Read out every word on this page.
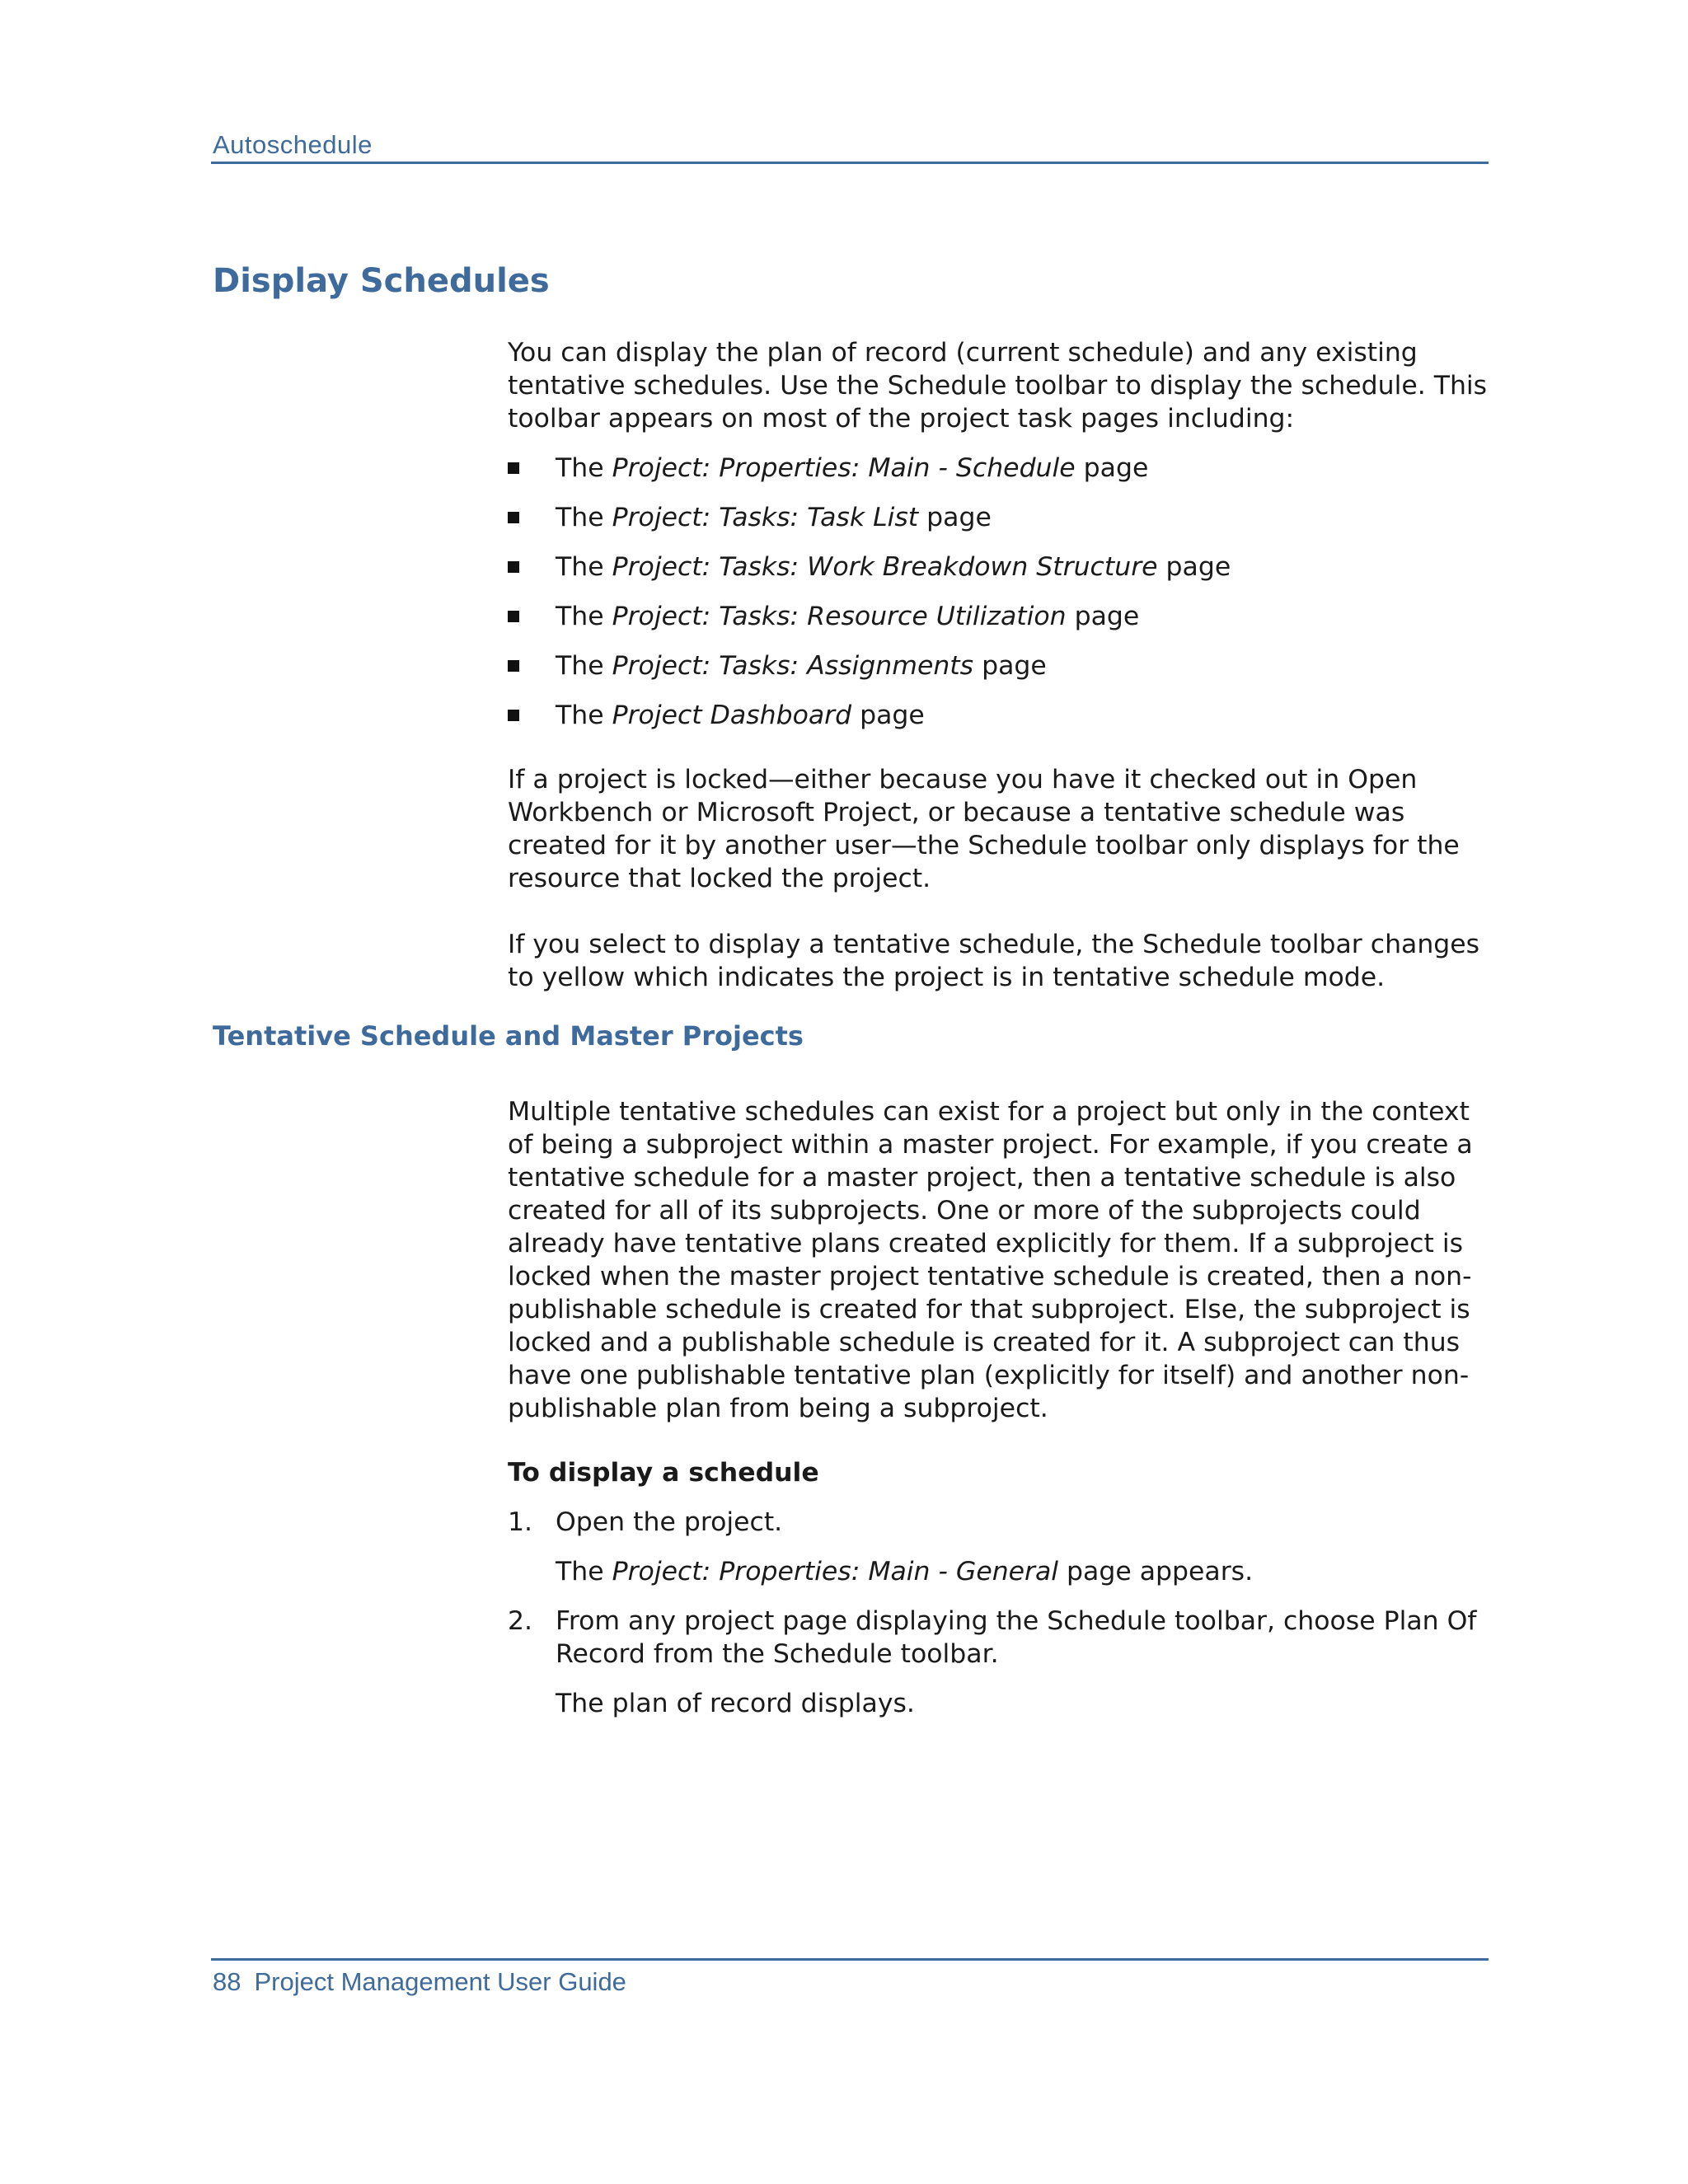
Autoschedule
Display Schedules

You can display the plan of record (current schedule) and any existing tentative schedules. Use the Schedule toolbar to display the schedule. This toolbar appears on most of the project task pages including:

The Project: Properties: Main - Schedule page
The Project: Tasks: Task List page
The Project: Tasks: Work Breakdown Structure page
The Project: Tasks: Resource Utilization page
The Project: Tasks: Assignments page
The Project Dashboard page

If a project is locked—either because you have it checked out in Open Workbench or Microsoft Project, or because a tentative schedule was created for it by another user—the Schedule toolbar only displays for the resource that locked the project.

If you select to display a tentative schedule, the Schedule toolbar changes to yellow which indicates the project is in tentative schedule mode.

Tentative Schedule and Master Projects

Multiple tentative schedules can exist for a project but only in the context of being a subproject within a master project. For example, if you create a tentative schedule for a master project, then a tentative schedule is also created for all of its subprojects. One or more of the subprojects could already have tentative plans created explicitly for them. If a subproject is locked when the master project tentative schedule is created, then a non-publishable schedule is created for that subproject. Else, the subproject is locked and a publishable schedule is created for it. A subproject can thus have one publishable tentative plan (explicitly for itself) and another non-publishable plan from being a subproject.

To display a schedule

1. Open the project.
The Project: Properties: Main - General page appears.
2. From any project page displaying the Schedule toolbar, choose Plan Of Record from the Schedule toolbar.
The plan of record displays.
88 Project Management User Guide
